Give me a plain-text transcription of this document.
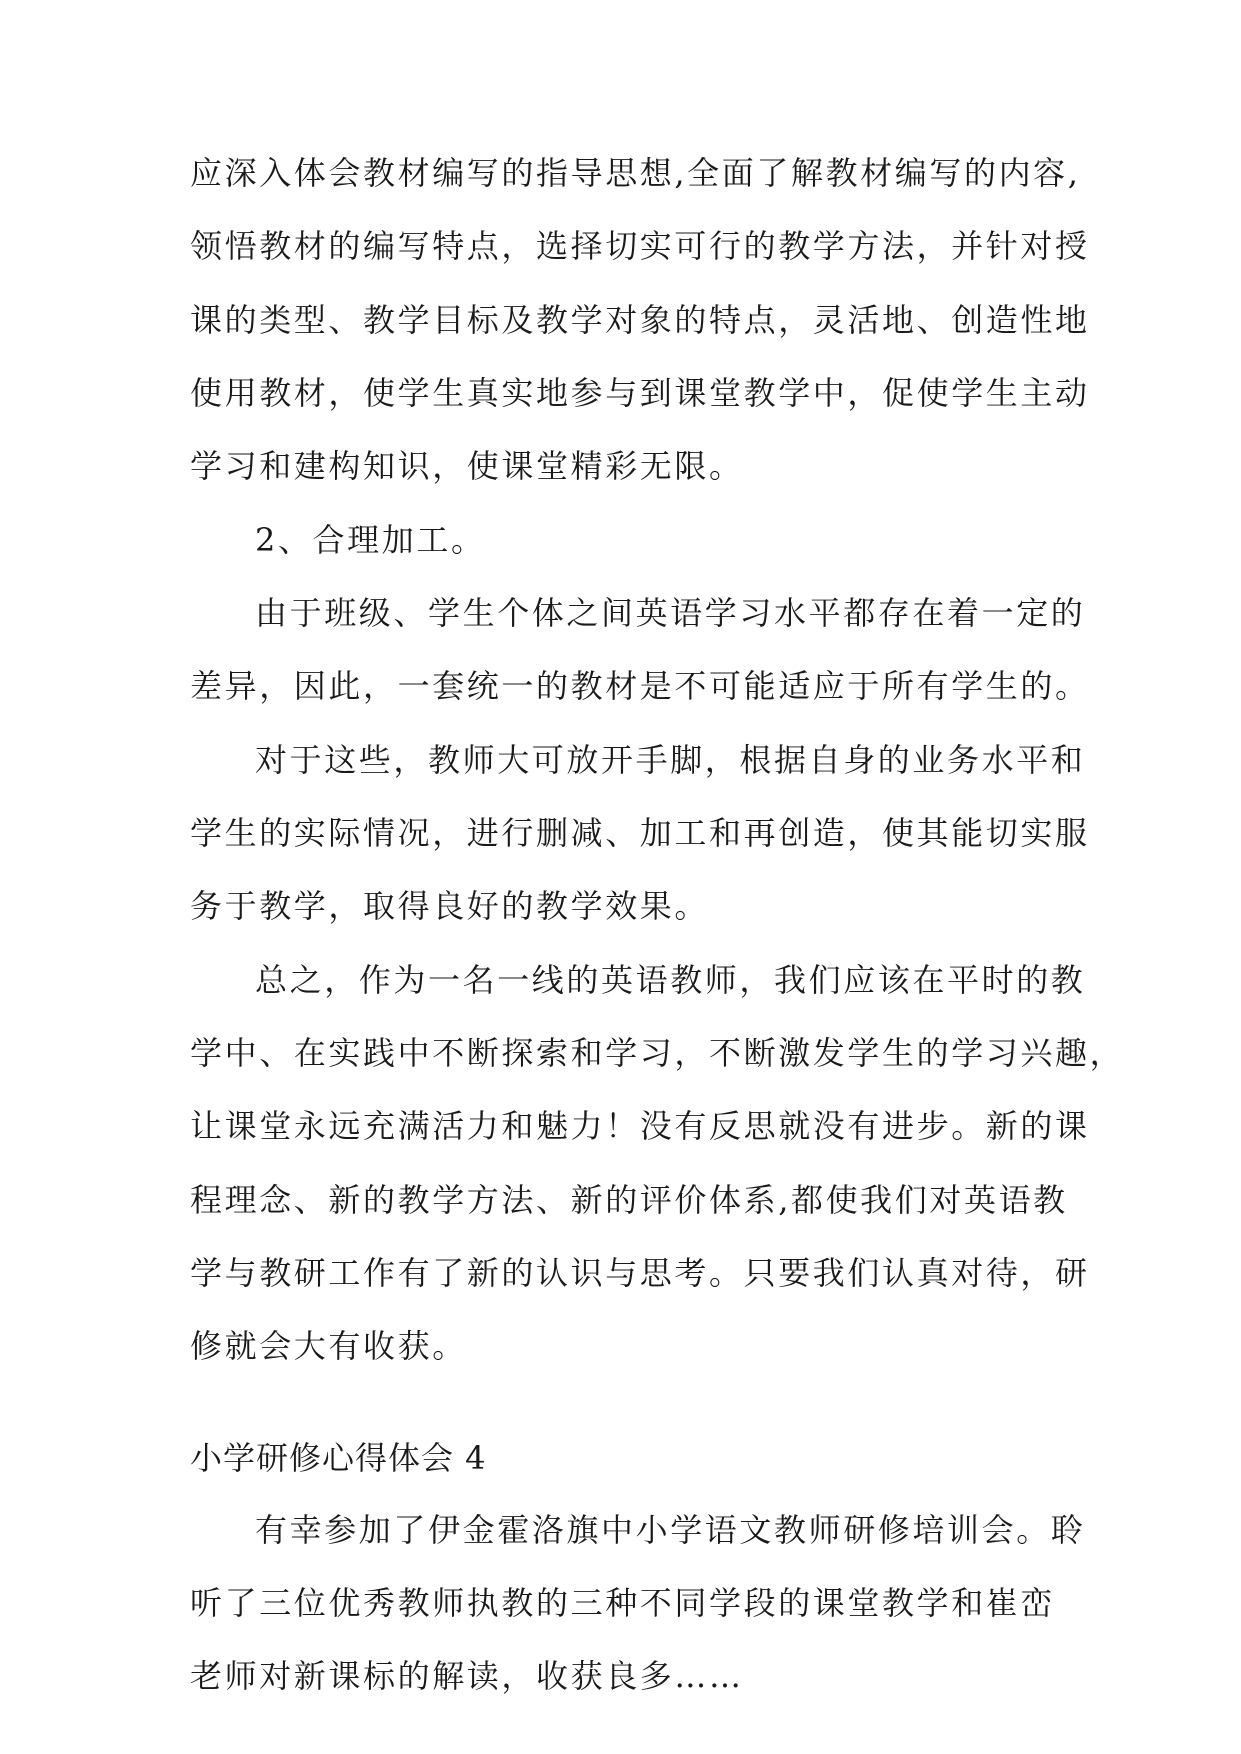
应深入体会教材编写的指导思想,全面了解教材编写的内容,
领悟教材的编写特点，选择切实可行的教学方法，并针对授
课的类型、教学目标及教学对象的特点，灵活地、创造性地
使用教材，使学生真实地参与到课堂教学中，促使学生主动
学习和建构知识，使课堂精彩无限。
2、合理加工。
由于班级、学生个体之间英语学习水平都存在着一定的
差异，因此，一套统一的教材是不可能适应于所有学生的。
对于这些，教师大可放开手脚，根据自身的业务水平和
学生的实际情况，进行删减、加工和再创造，使其能切实服
务于教学，取得良好的教学效果。
总之，作为一名一线的英语教师，我们应该在平时的教
学中、在实践中不断探索和学习，不断激发学生的学习兴趣，
让课堂永远充满活力和魅力！没有反思就没有进步。新的课
程理念、新的教学方法、新的评价体系,都使我们对英语教
学与教研工作有了新的认识与思考。只要我们认真对待，研
修就会大有收获。
小学研修心得体会 4
有幸参加了伊金霍洛旗中小学语文教师研修培训会。聆
听了三位优秀教师执教的三种不同学段的课堂教学和崔峦
老师对新课标的解读，收获良多……
